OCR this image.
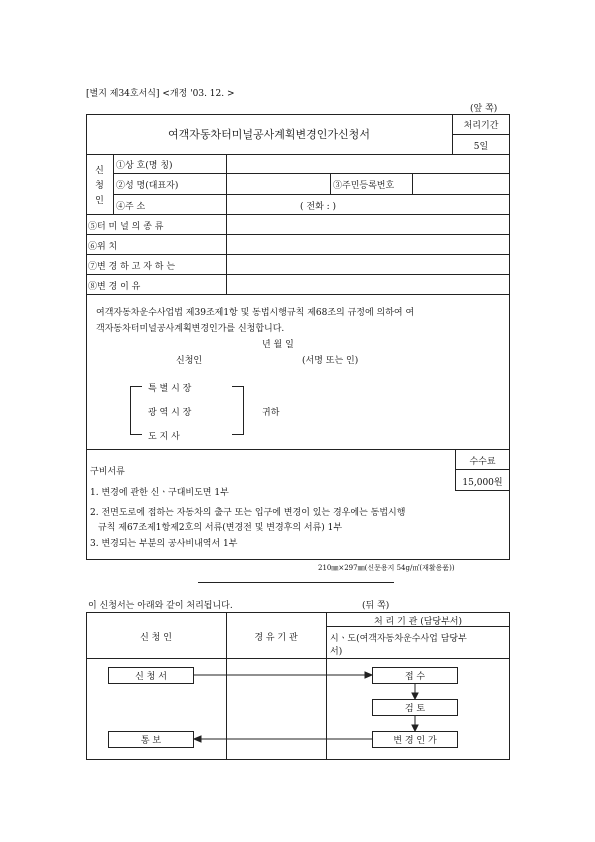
[별지 제34호서식] <개정 '03. 12. >
(앞 쪽)
여객자동차터미널공사계획변경인가신청서
처리기간
5일
신
청
인
①상 호(명 칭)
②성 명(대표자)	③주민등록번호
④주 소	( 전화 : )
⑤터 미 널 의 종 류
⑥위 치
⑦변 경 하 고 자 하 는
⑧변 경 이 유
여객자동차운수사업법 제39조제1항 및 동법시행규칙 제68조의 규정에 의하여 여
객자동차터미널공사계획변경인가를 신청합니다.
년 월 일
신청인	(서명 또는 인)
특 별 시 장
광 역 시 장
도 지 사
귀하
수수료
15,000원
구비서류
1. 변경에 관한 신ㆍ구대비도면 1부
2. 전면도로에 접하는 자동차의 출구 또는 입구에 변경이 있는 경우에는 동법시행
규칙 제67조제1항제2호의 서류(변경전 및 변경후의 서류) 1부
3. 변경되는 부분의 공사비내역서 1부
210㎜×297㎜(신문용지 54g/㎡(재활용품))
이 신청서는 아래와 같이 처리됩니다.	(뒤 쪽)
신 청 인	경 유 기 관
처 리 기 관 (담당부서)
시ㆍ도(여객자동차운수사업 담당부
서)
신 청 서	접 수
검 토
변 경 인 가
통 보
